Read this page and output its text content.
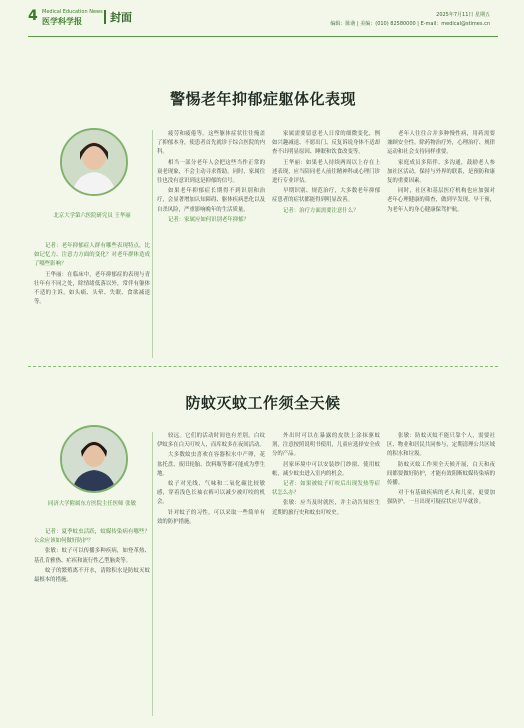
4 Medical Education News
医学科学报	封面	2025年7月11日 星期五
编辑：陈萌 | 美编：(010) 82580000 | E-mail：medical@stimes.cn
警惕老年抑郁症躯体化表现
北京大学第六医院研究员 王华丽

记者：老年抑郁症人群有哪些表现特点，比如记忆力、注意力方面的变化？对老年群体造成了哪些影响？

王华丽：在临床中，老年抑郁症的表现与青壮年有不同之处，除情绪低落以外，常伴有躯体不适的主诉，如头痛、头晕、失眠、食欲减退等。

疲劳和疲倦等。这些躯体症状往往掩盖了抑郁本身，使患者首先就诊于综合医院的内科。

相当一部分老年人会把这些当作正常的衰老现象，不会主动寻求帮助。同时，家属往往也没有意识到这是抑郁的信号。

如果老年抑郁症长期得不到识别和治疗，会显著增加认知障碍、躯体疾病恶化以及自杀风险，严重影响晚年的生活质量。

记者：家属应如何识别老年抑郁？

家属需要留意老人日常的细微变化，例如兴趣减退、不愿出门、反复诉说身体不适却查不出明显原因、睡眠和饮食改变等。

王华丽：如果老人持续两周以上存在上述表现，应当陪同老人前往精神科或心理门诊进行专业评估。

早期识别、规范治疗，大多数老年抑郁症患者的症状都能得到明显改善。

记者：治疗方面需要注意什么？

老年人往往合并多种慢性病，用药需要兼顾安全性。除药物治疗外，心理治疗、规律运动和社会支持同样重要。

家庭成员多陪伴、多沟通，鼓励老人参加社区活动，保持与外界的联系，是预防和康复的重要因素。

同时，社区和基层医疗机构也应加强对老年心理健康的筛查，做到早发现、早干预，为老年人的身心健康保驾护航。

防蚊灭蚊工作须全天候
同济大学附属东方医院主任医师 张敏

记者：夏季蚊虫活跃，蚊媒传染病有哪些？公众应该如何做好防护？

张敏：蚊子可以传播多种疾病，如登革热、基孔肯雅热、疟疾和流行性乙型脑炎等。

蚊子的繁殖离不开水，清除积水是防蚊灭蚊最根本的措施。

较远。它们的活动时间也有差别，白纹伊蚊多在白天叮咬人，而库蚊多在夜间活动。

大多数蚊虫喜欢在容器积水中产卵，花盆托盘、废旧轮胎、饮料瓶等都可能成为孳生地。

蚊子对光线、气味和二氧化碳比较敏感，穿着浅色长袖衣裤可以减少被叮咬的机会。

针对蚊子的习性，可以采取一些简单有效的防护措施。

外出时可以在暴露的皮肤上涂抹驱蚊剂，注意按照说明书使用，儿童应选择安全成分的产品。

居家环境中可以安装纱门纱窗、使用蚊帐，减少蚊虫进入室内的机会。

记者：如果被蚊子叮咬后出现发热等症状怎么办？

张敏：应当及时就医，并主动告知医生近期的旅行史和蚊虫叮咬史。

张敏：防蚊灭蚊不能只靠个人，需要社区、物业和居民共同参与，定期清理公共区域的积水和垃圾。

防蚊灭蚊工作须全天候开展，白天和夜间都要做好防护，才能有效阻断蚊媒传染病的传播。

对于有基础疾病的老人和儿童，更要加强防护，一旦出现可疑症状应尽早就诊。
